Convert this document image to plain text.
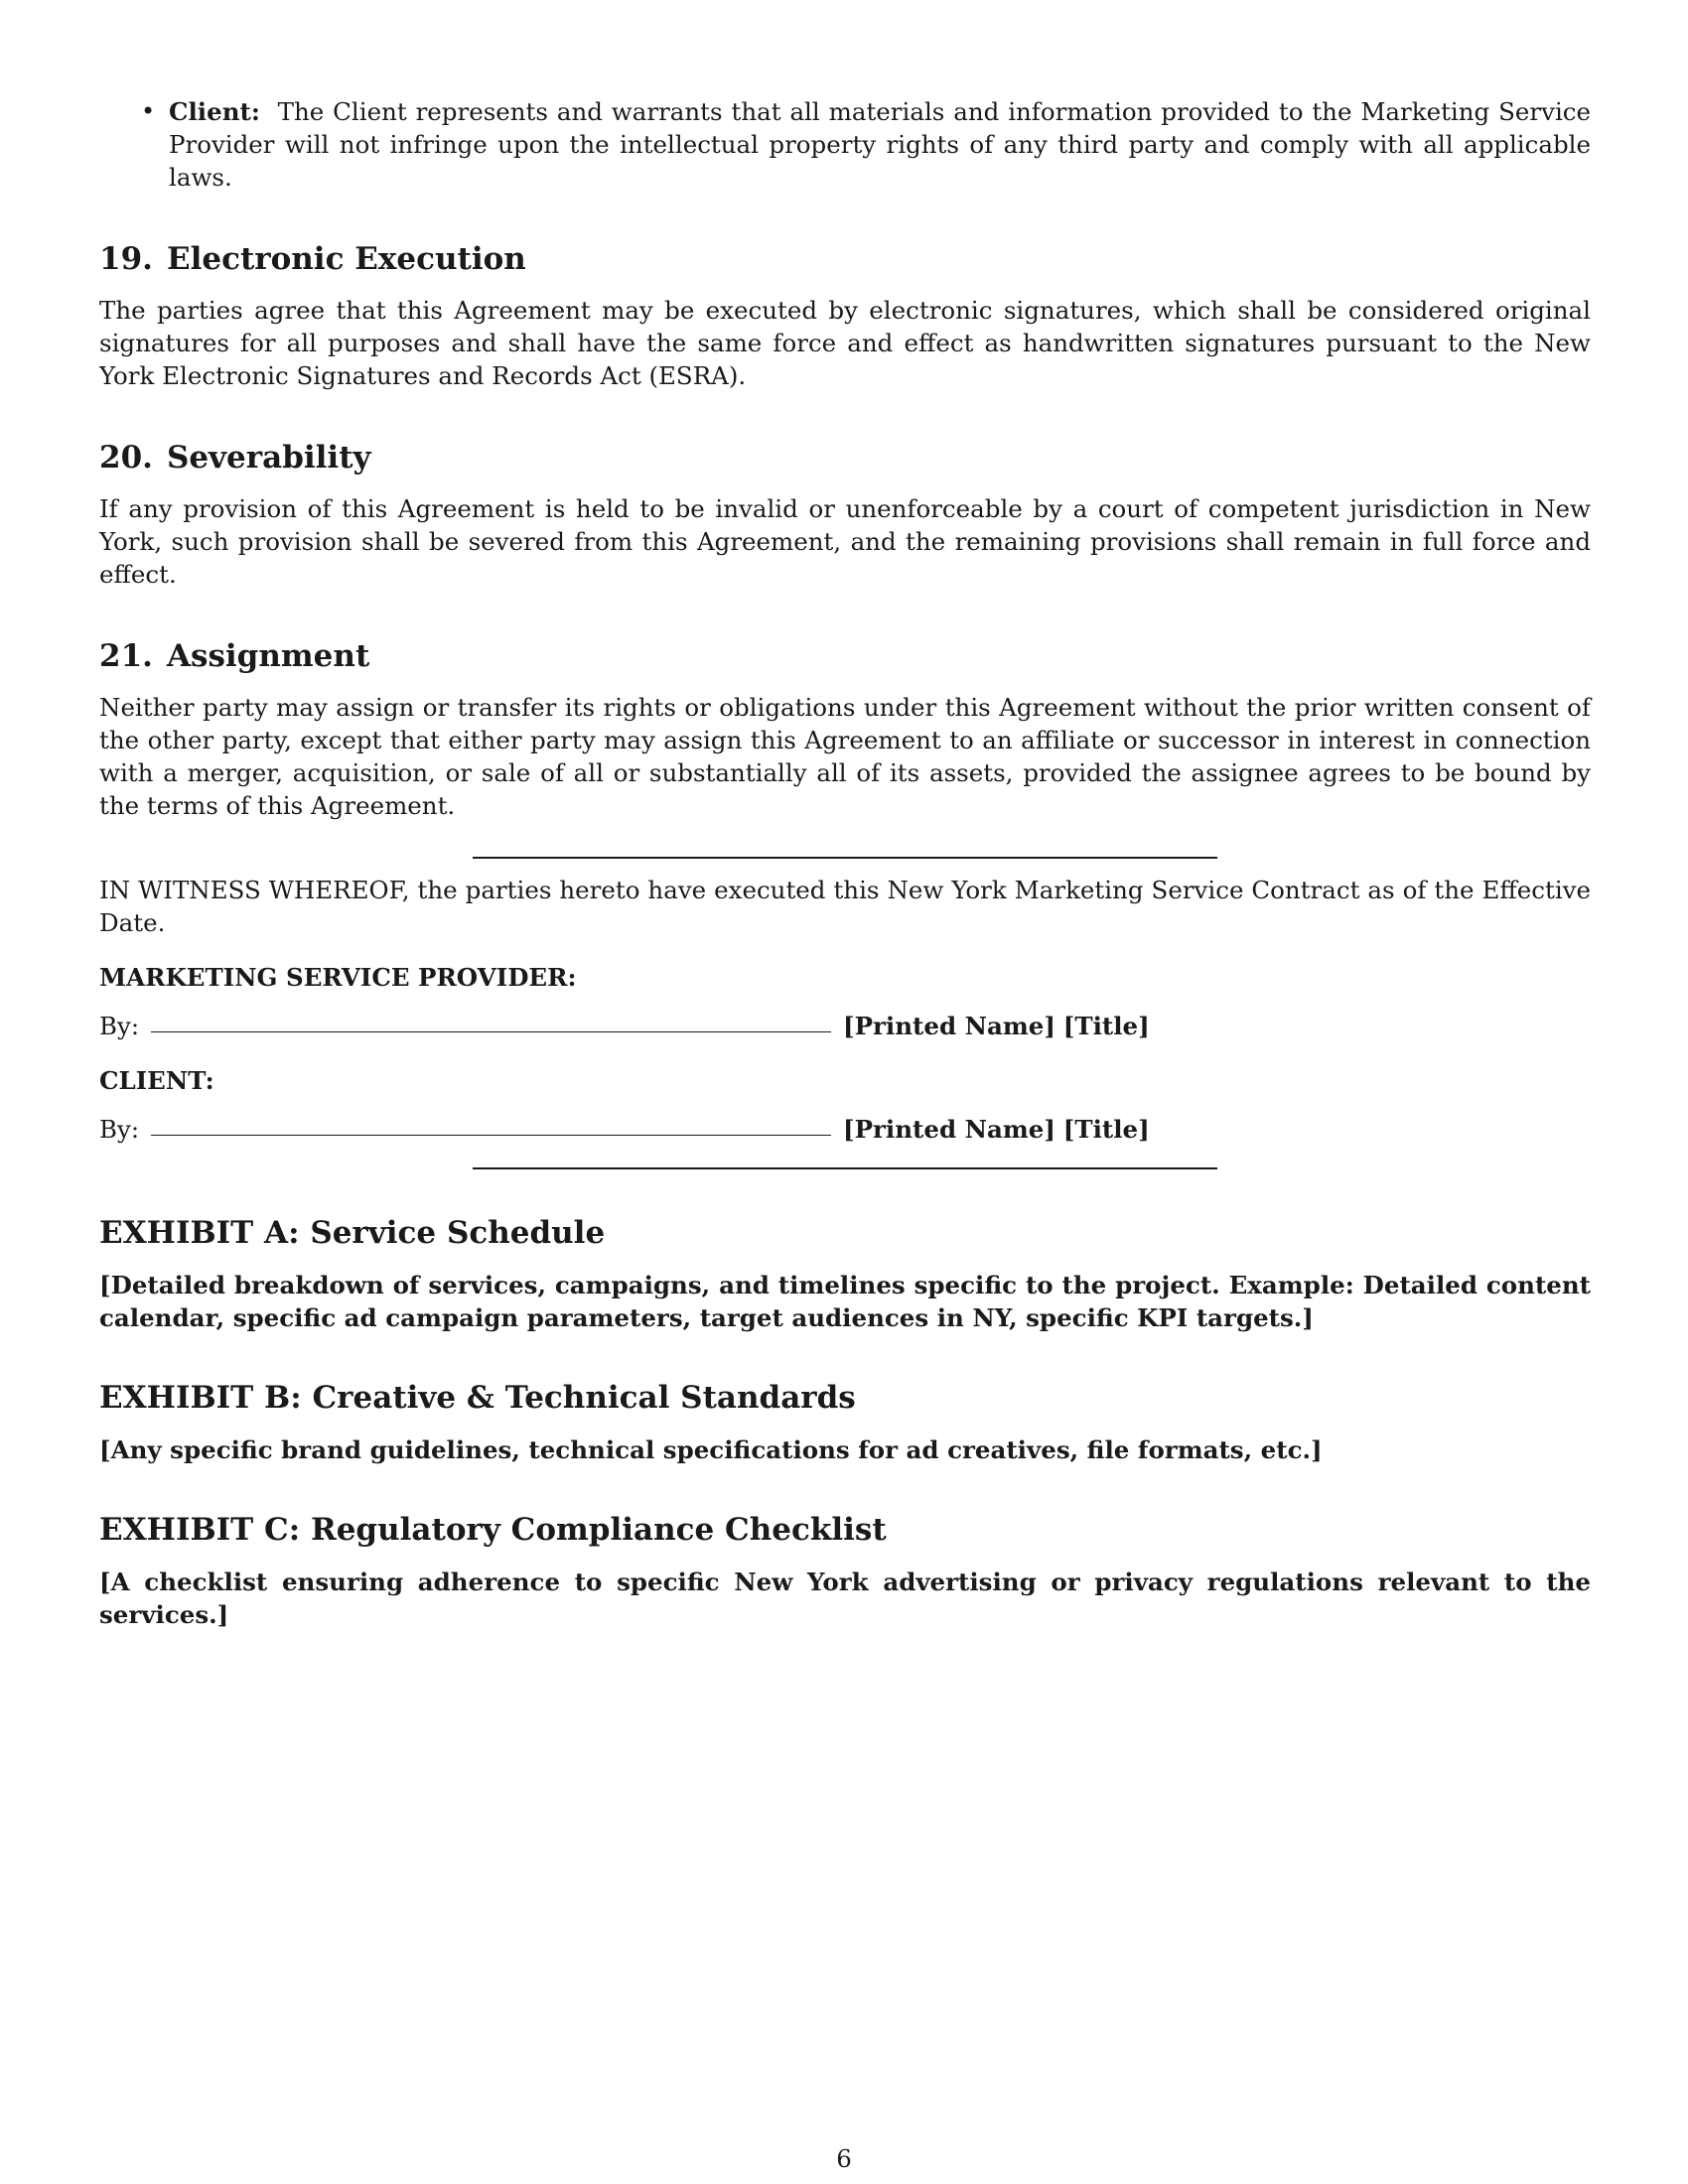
• Client: The Client represents and warrants that all materials and information provided to the Marketing Service Provider will not infringe upon the intellectual property rights of any third party and comply with all applicable laws.
19. Electronic Execution

The parties agree that this Agreement may be executed by electronic signatures, which shall be considered original signatures for all purposes and shall have the same force and effect as handwritten signatures pursuant to the New York Electronic Signatures and Records Act (ESRA).

20. Severability

If any provision of this Agreement is held to be invalid or unenforceable by a court of competent jurisdiction in New York, such provision shall be severed from this Agreement, and the remaining provisions shall remain in full force and effect.

21. Assignment

Neither party may assign or transfer its rights or obligations under this Agreement without the prior written consent of the other party, except that either party may assign this Agreement to an affiliate or successor in interest in connection with a merger, acquisition, or sale of all or substantially all of its assets, provided the assignee agrees to be bound by the terms of this Agreement.

IN WITNESS WHEREOF, the parties hereto have executed this New York Marketing Service Contract as of the Effective Date.

MARKETING SERVICE PROVIDER:
By:	[Printed Name]
[Title]
CLIENT:
By:	[Printed Name]
[Title]
EXHIBIT A: Service Schedule

[Detailed breakdown of services, campaigns, and timelines specific to the project. Example: Detailed content calendar, specific ad campaign parameters, target audiences in NY, specific KPI targets.]

EXHIBIT B: Creative & Technical Standards

[Any specific brand guidelines, technical specifications for ad creatives, file formats, etc.]

EXHIBIT C: Regulatory Compliance Checklist

[A checklist ensuring adherence to specific New York advertising or privacy regulations relevant to the services.]

6
